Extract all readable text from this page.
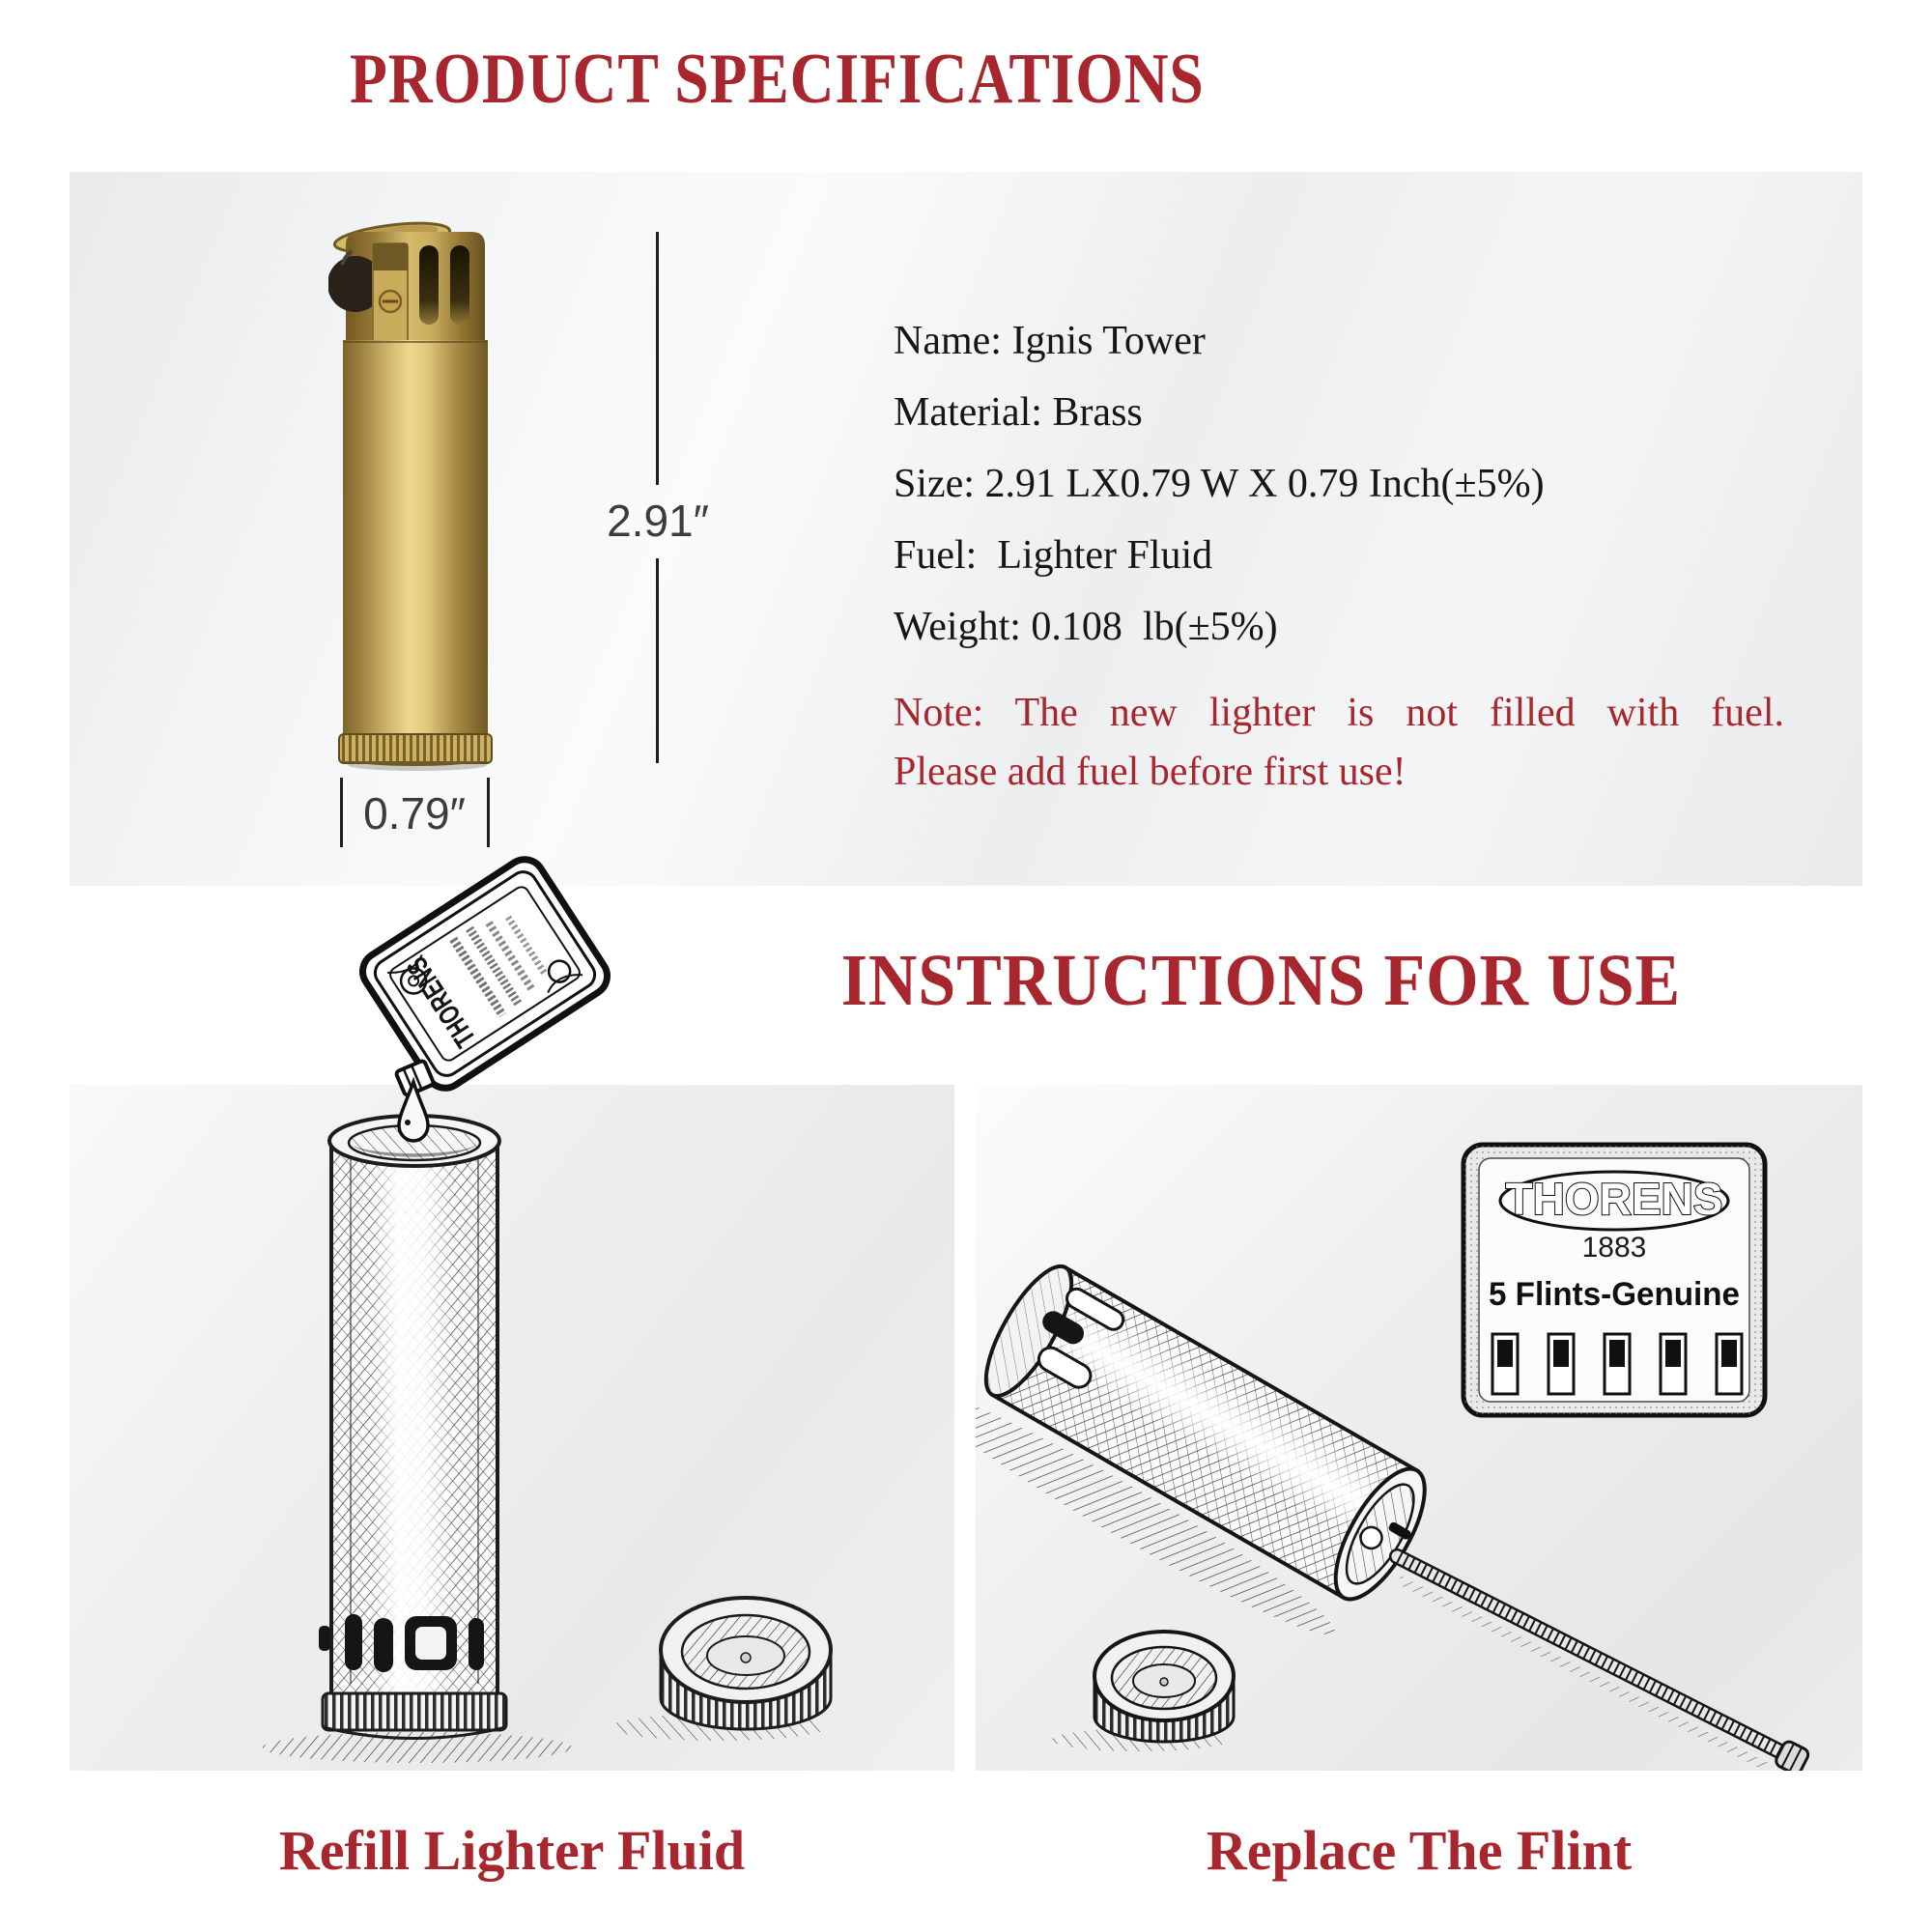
PRODUCT SPECIFICATIONS
INSTRUCTIONS FOR USE
2.91″
0.79″
Name: Ignis Tower
Material: Brass
Size: 2.91 LX0.79 W X 0.79 Inch(±5%)
Fuel:  Lighter Fluid
Weight: 0.108  lb(±5%)
Note: The new lighter is not filled with fuel.
Please add fuel before first use!
THORENS
THORENS
1883
5 Flints-Genuine
Refill Lighter Fluid	Replace The Flint
